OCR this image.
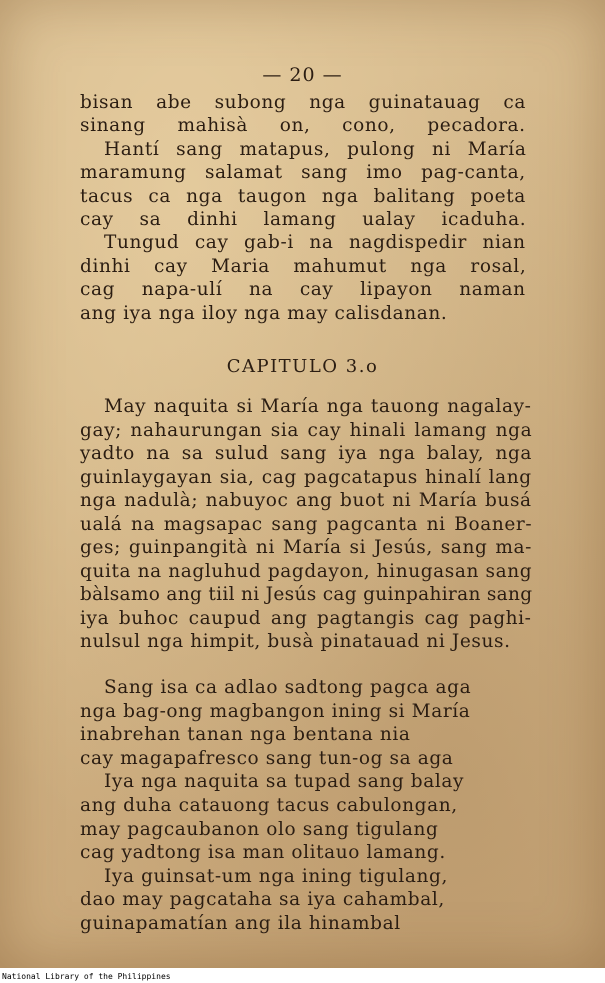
— 20 —
bisan abe subong nga guinatauag ca
sinang mahisà on, cono, pecadora.
Hantí sang matapus, pulong ni María
maramung salamat sang imo pag-canta,
tacus ca nga taugon nga balitang poeta
cay sa dinhi lamang ualay icaduha.
Tungud cay gab-i na nagdispedir nian
dinhi cay Maria mahumut nga rosal,
cag napa-ulí na cay lipayon naman
ang iya nga iloy nga may calisdanan.
CAPITULO 3.o
May naquita si María nga tauong nagalay-
gay; nahaurungan sia cay hinali lamang nga
yadto na sa sulud sang iya nga balay, nga
guinlaygayan sia, cag pagcatapus hinalí lang
nga nadulà; nabuyoc ang buot ni María busá
ualá na magsapac sang pagcanta ni Boaner-
ges; guinpangità ni María si Jesús, sang ma-
quita na nagluhud pagdayon, hinugasan sang
bàlsamo ang tiil ni Jesús cag guinpahiran sang
iya buhoc caupud ang pagtangis cag paghi-
nulsul nga himpit, busà pinatauad ni Jesus.
Sang isa ca adlao sadtong pagca aga
nga bag-ong magbangon ining si María
inabrehan tanan nga bentana nia
cay magapafresco sang tun-og sa aga
Iya nga naquita sa tupad sang balay
ang duha catauong tacus cabulongan,
may pagcaubanon olo sang tigulang
cag yadtong isa man olitauo lamang.
Iya guinsat-um nga ining tigulang,
dao may pagcataha sa iya cahambal,
guinapamatían ang ila hinambal
National Library of the Philippines
